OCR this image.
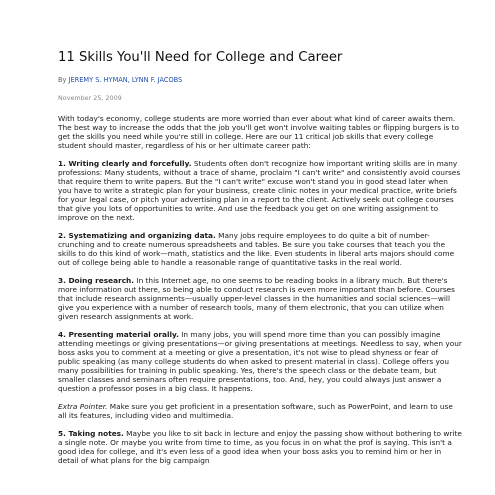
11 Skills You'll Need for College and Career
By JEREMY S. HYMAN, LYNN F. JACOBS
November 25, 2009

With today's economy, college students are more worried than ever about what kind of career awaits them. The best way to increase the odds that the job you'll get won't involve waiting tables or flipping burgers is to get the skills you need while you're still in college. Here are our 11 critical job skills that every college student should master, regardless of his or her ultimate career path:

1. Writing clearly and forcefully. Students often don't recognize how important writing skills are in many professions: Many students, without a trace of shame, proclaim "I can't write" and consistently avoid courses that require them to write papers. But the "I can't write" excuse won't stand you in good stead later when you have to write a strategic plan for your business, create clinic notes in your medical practice, write briefs for your legal case, or pitch your advertising plan in a report to the client. Actively seek out college courses that give you lots of opportunities to write. And use the feedback you get on one writing assignment to improve on the next.

2. Systematizing and organizing data. Many jobs require employees to do quite a bit of number-crunching and to create numerous spreadsheets and tables. Be sure you take courses that teach you the skills to do this kind of work—math, statistics and the like. Even students in liberal arts majors should come out of college being able to handle a reasonable range of quantitative tasks in the real world.

3. Doing research. In this Internet age, no one seems to be reading books in a library much. But there's more information out there, so being able to conduct research is even more important than before. Courses that include research assignments—usually upper-level classes in the humanities and social sciences—will give you experience with a number of research tools, many of them electronic, that you can utilize when given research assignments at work.

4. Presenting material orally. In many jobs, you will spend more time than you can possibly imagine attending meetings or giving presentations—or giving presentations at meetings. Needless to say, when your boss asks you to comment at a meeting or give a presentation, it's not wise to plead shyness or fear of public speaking (as many college students do when asked to present material in class). College offers you many possibilities for training in public speaking. Yes, there's the speech class or the debate team, but smaller classes and seminars often require presentations, too. And, hey, you could always just answer a question a professor poses in a big class. It happens.

Extra Pointer. Make sure you get proficient in a presentation software, such as PowerPoint, and learn to use all its features, including video and multimedia.

5. Taking notes. Maybe you like to sit back in lecture and enjoy the passing show without bothering to write a single note. Or maybe you write from time to time, as you focus in on what the prof is saying. This isn't a good idea for college, and it's even less of a good idea when your boss asks you to remind him or her in detail of what plans for the big campaign
